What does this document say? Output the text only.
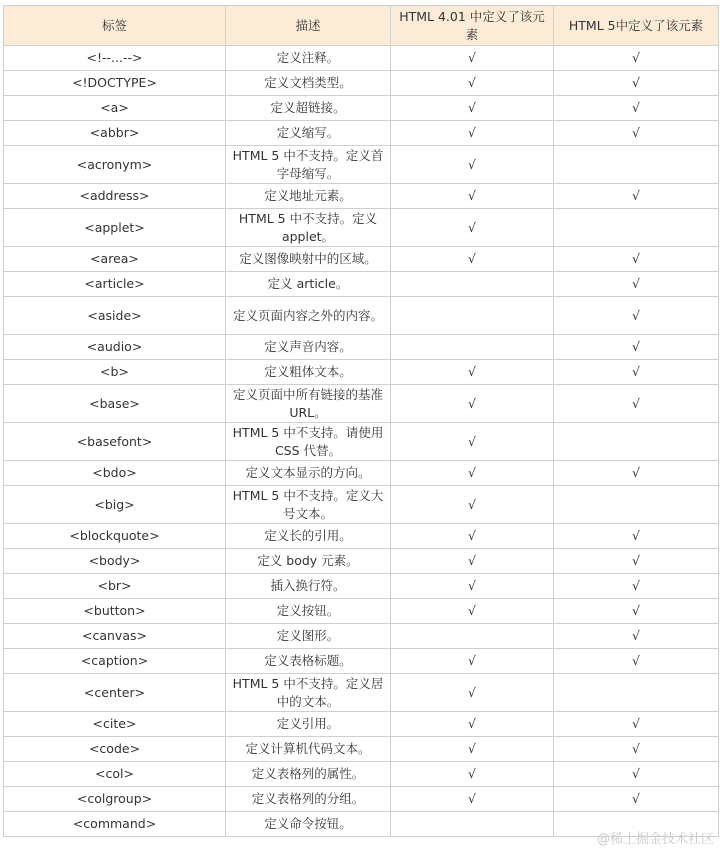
标签	描述	HTML 4.01 中定义了该元素	HTML 5中定义了该元素
<!--...-->	定义注释。	√	√
<!DOCTYPE>	定义文档类型。	√	√
<a>	定义超链接。	√	√
<abbr>	定义缩写。	√	√
<acronym>	HTML 5 中不支持。定义首字母缩写。	√	
<address>	定义地址元素。	√	√
<applet>	HTML 5 中不支持。定义 applet。	√	
<area>	定义图像映射中的区域。	√	√
<article>	定义 article。		√
<aside>	定义页面内容之外的内容。		√
<audio>	定义声音内容。		√
<b>	定义粗体文本。	√	√
<base>	定义页面中所有链接的基准 URL。	√	√
<basefont>	HTML 5 中不支持。请使用 CSS 代替。	√	
<bdo>	定义文本显示的方向。	√	√
<big>	HTML 5 中不支持。定义大号文本。	√	
<blockquote>	定义长的引用。	√	√
<body>	定义 body 元素。	√	√
<br>	插入换行符。	√	√
<button>	定义按钮。	√	√
<canvas>	定义图形。		√
<caption>	定义表格标题。	√	√
<center>	HTML 5 中不支持。定义居中的文本。	√	
<cite>	定义引用。	√	√
<code>	定义计算机代码文本。	√	√
<col>	定义表格列的属性。	√	√
<colgroup>	定义表格列的分组。	√	√
<command>	定义命令按钮。		
@稀土掘金技术社区
